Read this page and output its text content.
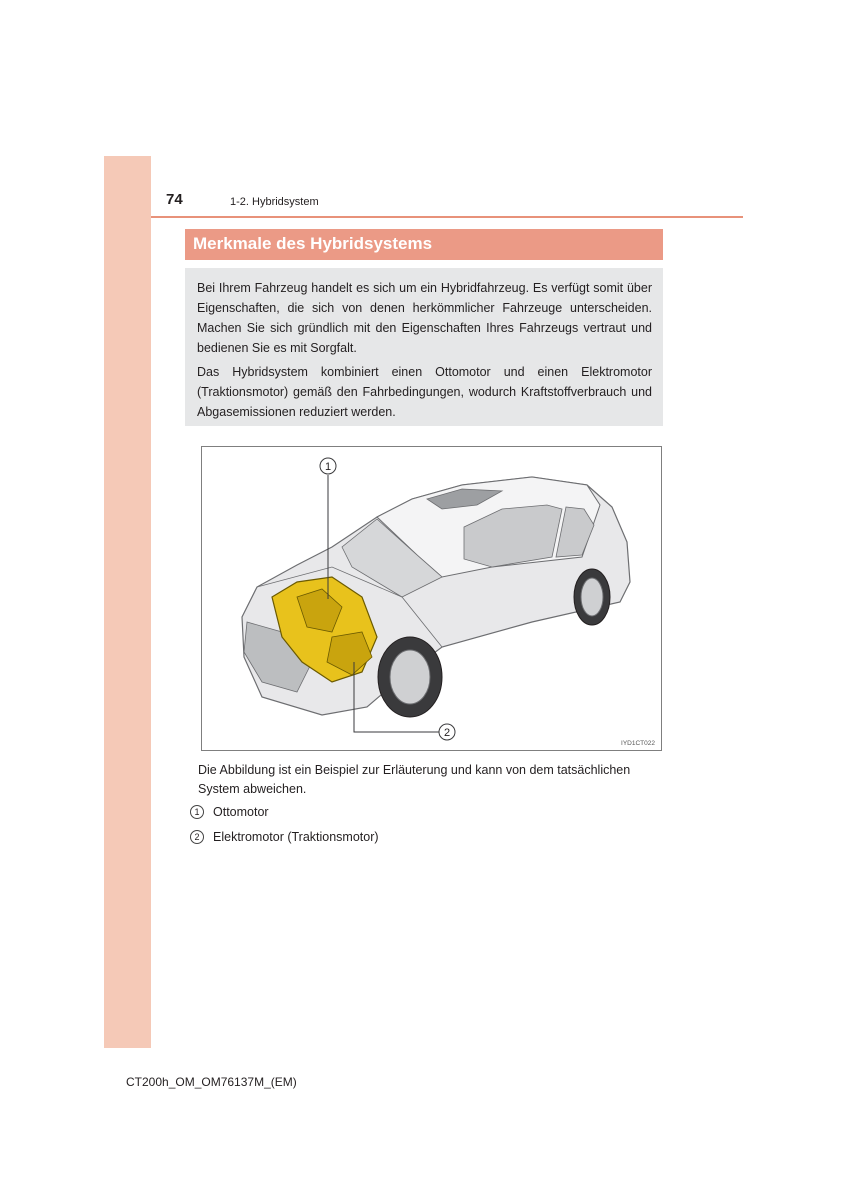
74	1-2. Hybridsystem
Merkmale des Hybridsystems

Bei Ihrem Fahrzeug handelt es sich um ein Hybridfahrzeug. Es verfügt somit über Eigenschaften, die sich von denen herkömmlicher Fahrzeuge unterscheiden. Machen Sie sich gründlich mit den Eigenschaften Ihres Fahrzeugs vertraut und bedienen Sie es mit Sorgfalt.

Das Hybridsystem kombiniert einen Ottomotor und einen Elektromotor (Traktionsmotor) gemäß den Fahrbedingungen, wodurch Kraftstoffverbrauch und Abgasemissionen reduziert werden.

1
2
IYD1CT022
Die Abbildung ist ein Beispiel zur Erläuterung und kann von dem tatsächlichen System abweichen.
1	Ottomotor
2	Elektromotor (Traktionsmotor)
CT200h_OM_OM76137M_(EM)
